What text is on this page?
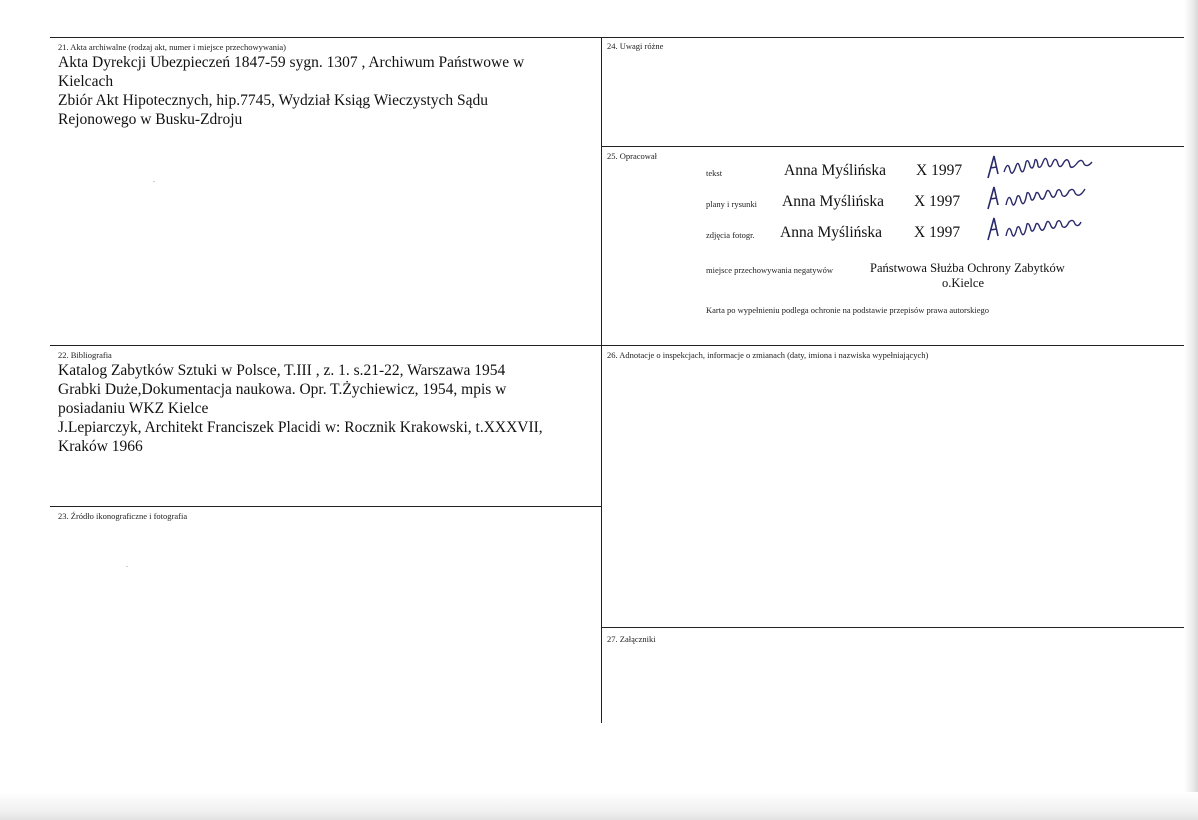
21. Akta archiwalne (rodzaj akt, numer i miejsce przechowywania)
Akta Dyrekcji Ubezpieczeń 1847-59 sygn. 1307 , Archiwum Państwowe w
Kielcach
Zbiór Akt Hipotecznych, hip.7745, Wydział Ksiąg Wieczystych Sądu
Rejonowego w Busku-Zdroju
24. Uwagi różne
25. Opracował
tekst	Anna Myślińska X 1997
plany i rysunki Anna Myślińska X 1997
zdjęcia fotogr. Anna Myślińska X 1997
miejsce przechowywania negatywów	Państwowa Służba Ochrony Zabytków
o.Kielce
Karta po wypełnieniu podlega ochronie na podstawie przepisów prawa autorskiego
22. Bibliografia
Katalog Zabytków Sztuki w Polsce, T.III , z. 1. s.21-22, Warszawa 1954
Grabki Duże,Dokumentacja naukowa. Opr. T.Żychiewicz, 1954, mpis w
posiadaniu WKZ Kielce
J.Lepiarczyk, Architekt Franciszek Placidi w: Rocznik Krakowski, t.XXXVII,
Kraków 1966
26. Adnotacje o inspekcjach, informacje o zmianach (daty, imiona i nazwiska wypełniających)
23. Źródło ikonograficzne i fotografia
27. Załączniki
